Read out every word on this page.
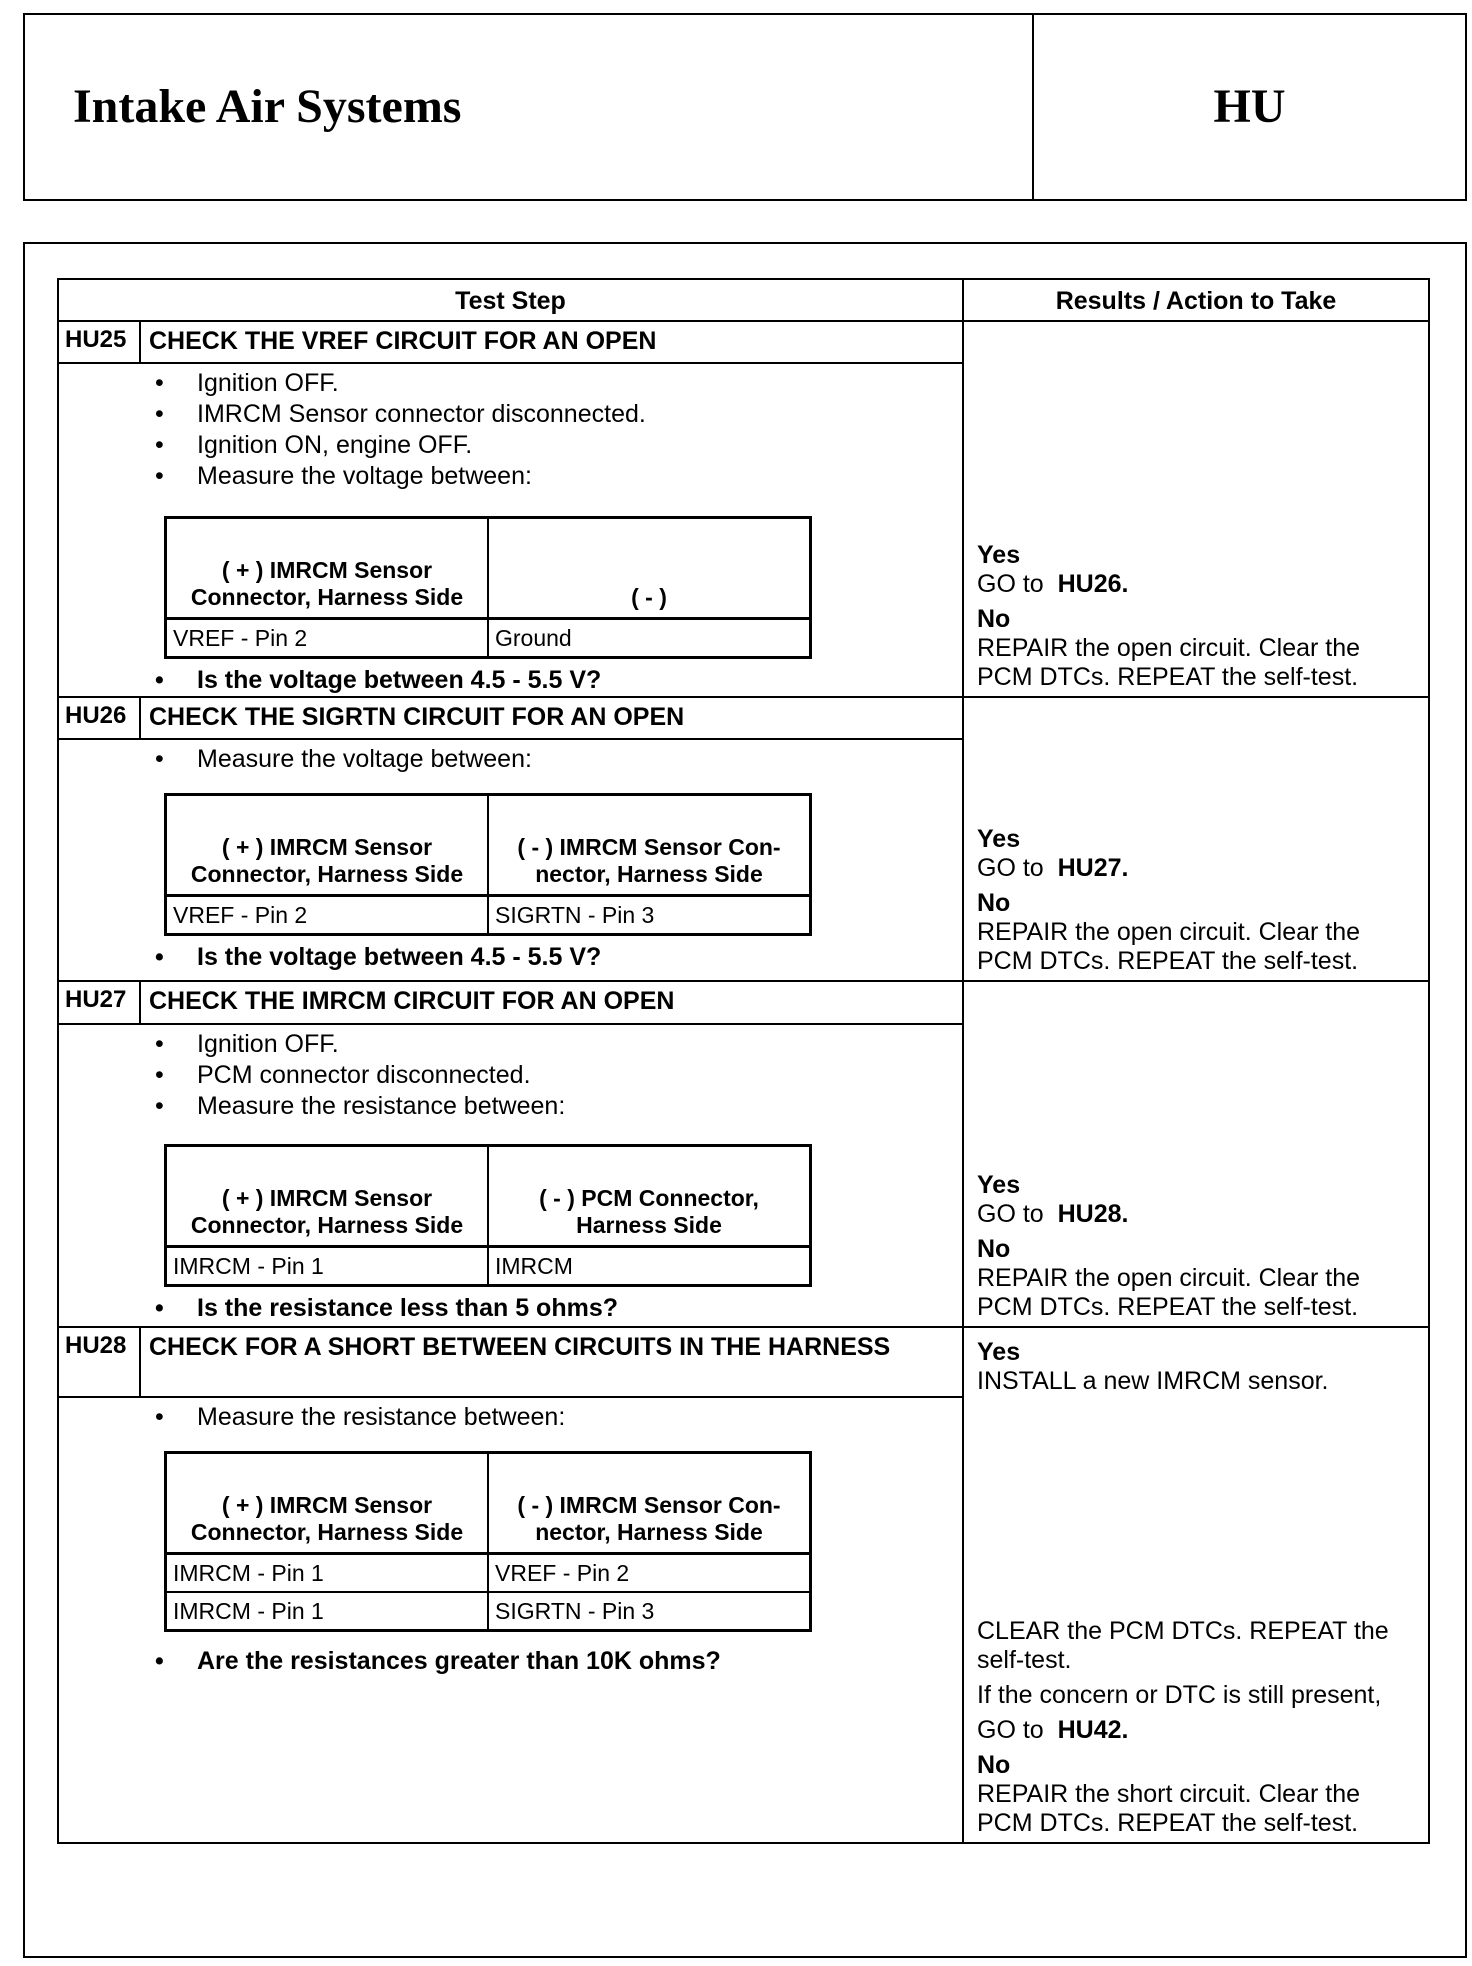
Intake Air Systems	HU
Test Step	Results / Action to Take
HU25 CHECK THE VREF CIRCUIT FOR AN OPEN
• Ignition OFF.
• IMRCM Sensor connector disconnected.
• Ignition ON, engine OFF.
• Measure the voltage between:
( + ) IMRCM Sensor Connector, Harness Side	( - )
VREF - Pin 2	Ground
• Is the voltage between 4.5 - 5.5 V?

Yes

GO to HU26.

No

REPAIR the open circuit. Clear the PCM DTCs. REPEAT the self-test.

HU26 CHECK THE SIGRTN CIRCUIT FOR AN OPEN
• Measure the voltage between:
( + ) IMRCM Sensor Connector, Harness Side	( - ) IMRCM Sensor Con-nector, Harness Side
VREF - Pin 2	SIGRTN - Pin 3
• Is the voltage between 4.5 - 5.5 V?

Yes

GO to HU27.

No

REPAIR the open circuit. Clear the PCM DTCs. REPEAT the self-test.

HU27 CHECK THE IMRCM CIRCUIT FOR AN OPEN
• Ignition OFF.
• PCM connector disconnected.
• Measure the resistance between:
( + ) IMRCM Sensor Connector, Harness Side	( - ) PCM Connector, Harness Side
IMRCM - Pin 1	IMRCM
• Is the resistance less than 5 ohms?

Yes

GO to HU28.

No

REPAIR the open circuit. Clear the PCM DTCs. REPEAT the self-test.

HU28 CHECK FOR A SHORT BETWEEN CIRCUITS IN THE HARNESS
• Measure the resistance between:
( + ) IMRCM Sensor Connector, Harness Side	( - ) IMRCM Sensor Con-nector, Harness Side
IMRCM - Pin 1	VREF - Pin 2
IMRCM - Pin 1	SIGRTN - Pin 3
• Are the resistances greater than 10K ohms?

Yes

INSTALL a new IMRCM sensor.

CLEAR the PCM DTCs. REPEAT the self-test.

If the concern or DTC is still present,

GO to HU42.

No

REPAIR the short circuit. Clear the PCM DTCs. REPEAT the self-test.
